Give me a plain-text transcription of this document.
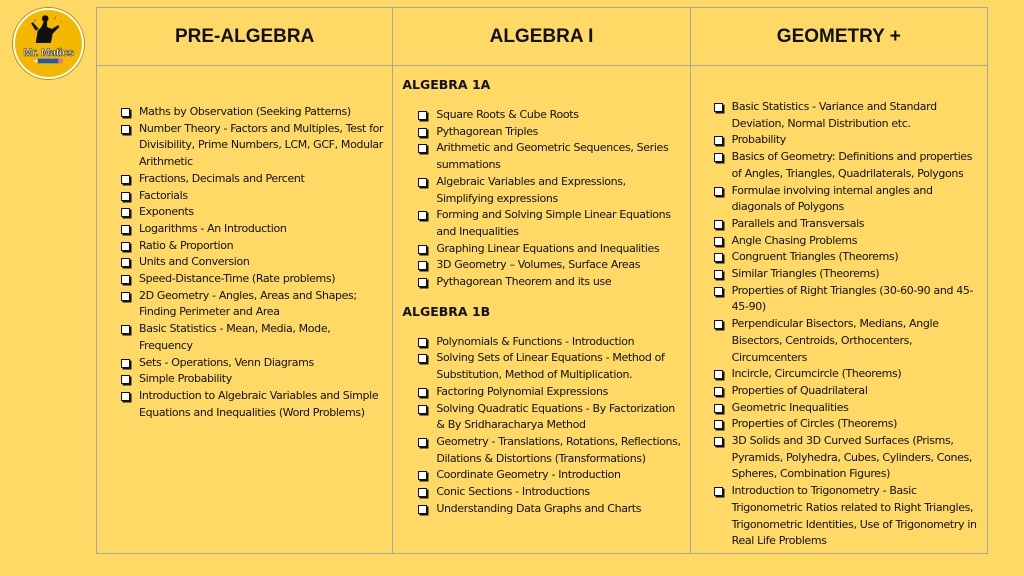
√
+
x
Mr. Matics
PRE-ALGEBRA	ALGEBRA I	GEOMETRY +

Maths by Observation (Seeking Patterns)
Number Theory - Factors and Multiples, Test for Divisibility, Prime Numbers, LCM, GCF, Modular Arithmetic
Fractions, Decimals and Percent
Factorials
Exponents
Logarithms - An Introduction
Ratio & Proportion
Units and Conversion
Speed-Distance-Time (Rate problems)
2D Geometry - Angles, Areas and Shapes; Finding Perimeter and Area
Basic Statistics - Mean, Media, Mode, Frequency
Sets - Operations, Venn Diagrams
Simple Probability
Introduction to Algebraic Variables and Simple Equations and Inequalities (Word Problems)

ALGEBRA 1A
Square Roots & Cube Roots
Pythagorean Triples
Arithmetic and Geometric Sequences, Series summations
Algebraic Variables and Expressions, Simplifying expressions
Forming and Solving Simple Linear Equations and Inequalities
Graphing Linear Equations and Inequalities
3D Geometry – Volumes, Surface Areas
Pythagorean Theorem and its use
ALGEBRA 1B
Polynomials & Functions - Introduction
Solving Sets of Linear Equations - Method of Substitution, Method of Multiplication.
Factoring Polynomial Expressions
Solving Quadratic Equations - By Factorization & By Sridharacharya Method
Geometry - Translations, Rotations, Reflections, Dilations & Distortions (Transformations)
Coordinate Geometry - Introduction
Conic Sections - Introductions
Understanding Data Graphs and Charts

Basic Statistics - Variance and Standard Deviation, Normal Distribution etc.
Probability
Basics of Geometry: Definitions and properties of Angles, Triangles, Quadrilaterals, Polygons
Formulae involving internal angles and diagonals of Polygons
Parallels and Transversals
Angle Chasing Problems
Congruent Triangles (Theorems)
Similar Triangles (Theorems)
Properties of Right Triangles (30-60-90 and 45-45-90)
Perpendicular Bisectors, Medians, Angle Bisectors, Centroids, Orthocenters, Circumcenters
Incircle, Circumcircle (Theorems)
Properties of Quadrilateral
Geometric Inequalities
Properties of Circles (Theorems)
3D Solids and 3D Curved Surfaces (Prisms, Pyramids, Polyhedra, Cubes, Cylinders, Cones, Spheres, Combination Figures)
Introduction to Trigonometry - Basic Trigonometric Ratios related to Right Triangles, Trigonometric Identities, Use of Trigonometry in Real Life Problems
